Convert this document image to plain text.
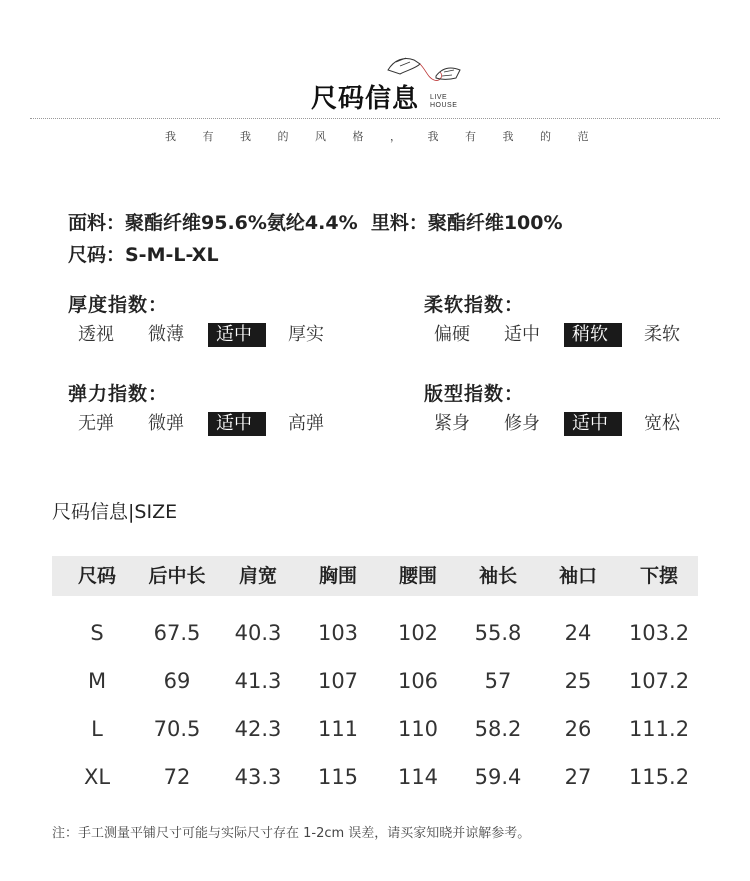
尺码信息	LIVE
HOUSE
我 有 我 的 风 格 ， 我 有 我 的 范
面料：聚酯纤维95.6%氨纶4.4%  里料：聚酯纤维100%
尺码：S-M-L-XL
厚度指数：
透视	微薄	适中	厚实
柔软指数：
偏硬	适中	稍软	柔软
弹力指数：
无弹	微弹	适中	高弹
版型指数：
紧身	修身	适中	宽松
尺码信息|SIZE
尺码	后中长	肩宽	胸围	腰围	袖长	袖口	下摆
S	67.5	40.3	103	102	55.8	24	103.2
M	69	41.3	107	106	57	25	107.2
L	70.5	42.3	111	110	58.2	26	111.2
XL	72	43.3	115	114	59.4	27	115.2
注：手工测量平铺尺寸可能与实际尺寸存在 1-2cm 误差，请买家知晓并谅解参考。
